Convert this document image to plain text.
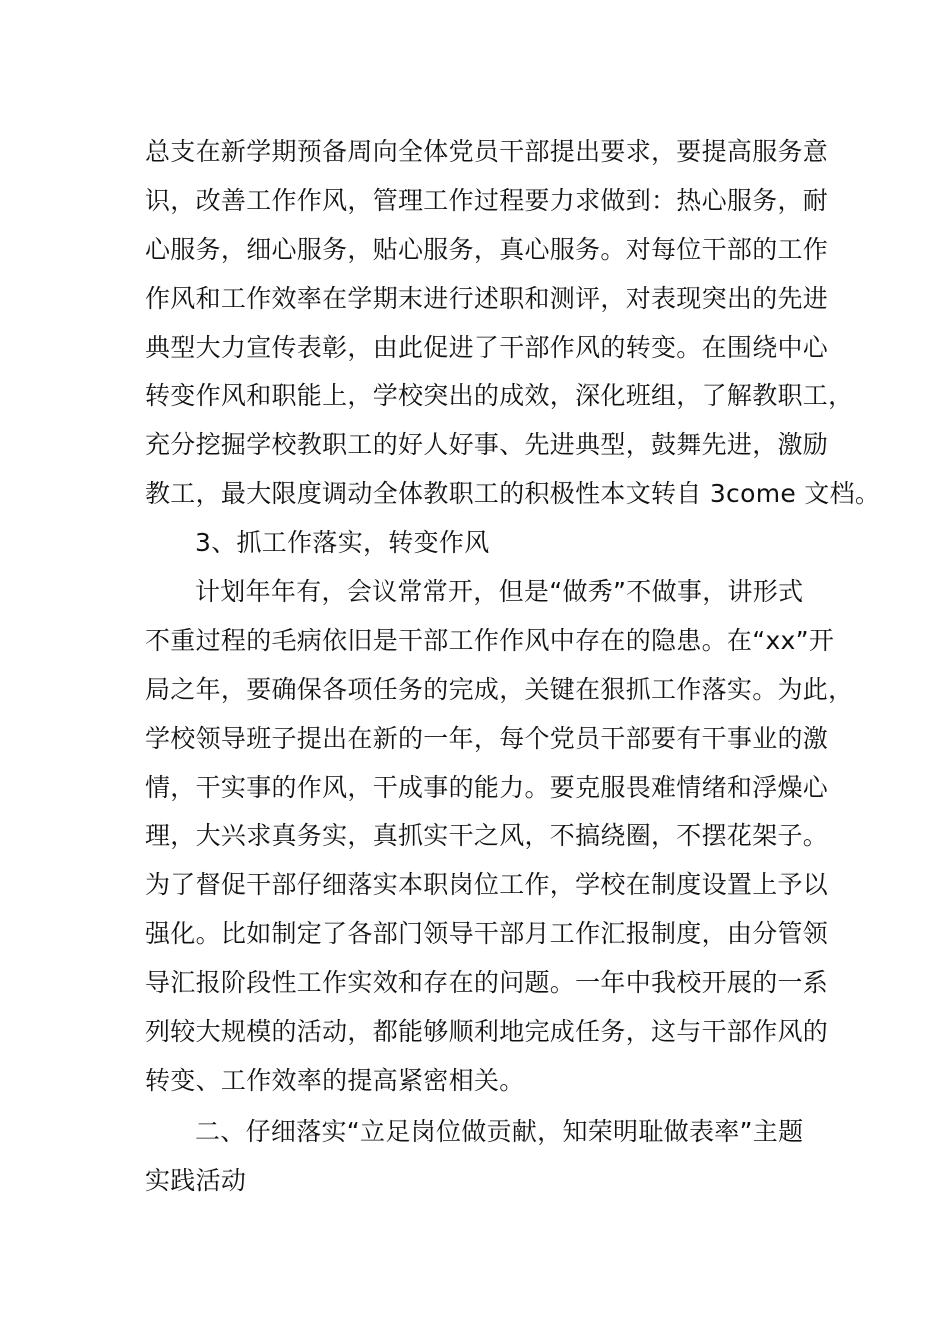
总支在新学期预备周向全体党员干部提出要求，要提高服务意
识，改善工作作风，管理工作过程要力求做到：热心服务，耐
心服务，细心服务，贴心服务，真心服务。对每位干部的工作
作风和工作效率在学期末进行述职和测评，对表现突出的先进
典型大力宣传表彰，由此促进了干部作风的转变。在围绕中心
转变作风和职能上，学校突出的成效，深化班组，了解教职工，
充分挖掘学校教职工的好人好事、先进典型，鼓舞先进，激励
教工，最大限度调动全体教职工的积极性本文转自 3come 文档。
3、抓工作落实，转变作风
计划年年有，会议常常开，但是“做秀”不做事，讲形式
不重过程的毛病依旧是干部工作作风中存在的隐患。在“xx”开
局之年，要确保各项任务的完成，关键在狠抓工作落实。为此，
学校领导班子提出在新的一年，每个党员干部要有干事业的激
情，干实事的作风，干成事的能力。要克服畏难情绪和浮燥心
理，大兴求真务实，真抓实干之风，不搞绕圈，不摆花架子。
为了督促干部仔细落实本职岗位工作，学校在制度设置上予以
强化。比如制定了各部门领导干部月工作汇报制度，由分管领
导汇报阶段性工作实效和存在的问题。一年中我校开展的一系
列较大规模的活动，都能够顺利地完成任务，这与干部作风的
转变、工作效率的提高紧密相关。
二、仔细落实“立足岗位做贡献，知荣明耻做表率”主题
实践活动
